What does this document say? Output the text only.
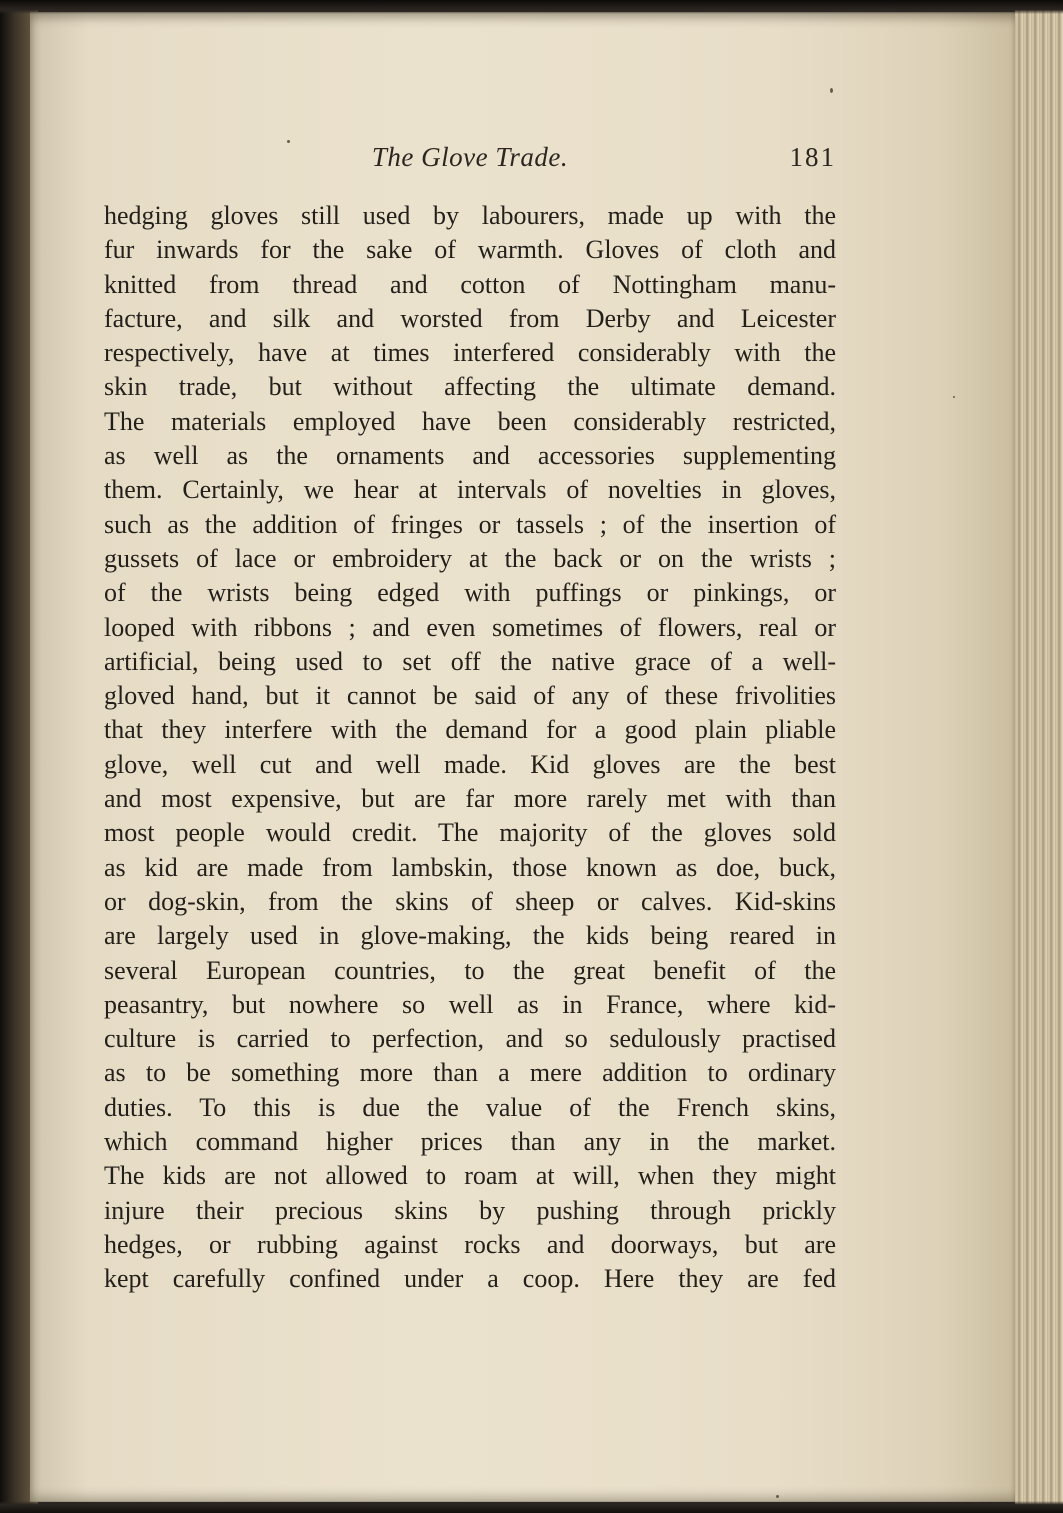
The Glove Trade.	181
hedging gloves still used by labourers, made up with the
fur inwards for the sake of warmth. Gloves of cloth and
knitted from thread and cotton of Nottingham manu-
facture, and silk and worsted from Derby and Leicester
respectively, have at times interfered considerably with the
skin trade, but without affecting the ultimate demand.
The materials employed have been considerably restricted,
as well as the ornaments and accessories supplementing
them. Certainly, we hear at intervals of novelties in gloves,
such as the addition of fringes or tassels ; of the insertion of
gussets of lace or embroidery at the back or on the wrists ;
of the wrists being edged with puffings or pinkings, or
looped with ribbons ; and even sometimes of flowers, real or
artificial, being used to set off the native grace of a well-
gloved hand, but it cannot be said of any of these frivolities
that they interfere with the demand for a good plain pliable
glove, well cut and well made. Kid gloves are the best
and most expensive, but are far more rarely met with than
most people would credit. The majority of the gloves sold
as kid are made from lambskin, those known as doe, buck,
or dog-skin, from the skins of sheep or calves. Kid-skins
are largely used in glove-making, the kids being reared in
several European countries, to the great benefit of the
peasantry, but nowhere so well as in France, where kid-
culture is carried to perfection, and so sedulously practised
as to be something more than a mere addition to ordinary
duties. To this is due the value of the French skins,
which command higher prices than any in the market.
The kids are not allowed to roam at will, when they might
injure their precious skins by pushing through prickly
hedges, or rubbing against rocks and doorways, but are
kept carefully confined under a coop. Here they are fed
